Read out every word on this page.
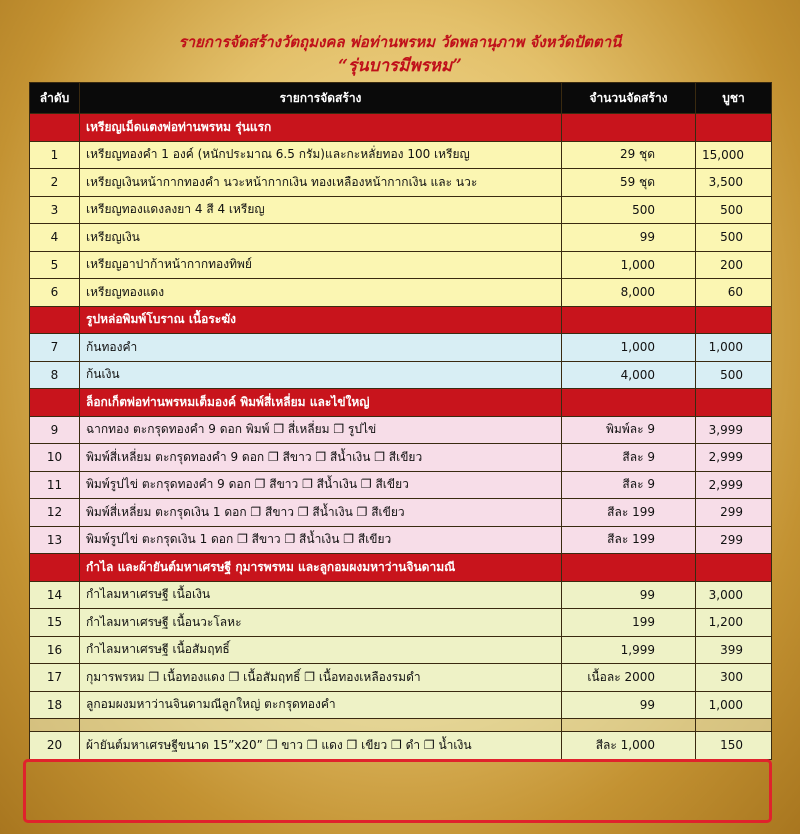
รายการจัดสร้างวัตถุมงคล พ่อท่านพรหม วัดพลานุภาพ จังหวัดปัตตานี
“รุ่นบารมีพรหม”
ลำดับ	รายการจัดสร้าง	จำนวนจัดสร้าง	บูชา
	เหรียญเม็ดแตงพ่อท่านพรหม รุ่นแรก		
1	เหรียญทองคำ 1 องค์ (หนักประมาณ 6.5 กรัม)และกะหลั่ยทอง 100 เหรียญ	29 ชุด	15,000
2	เหรียญเงินหน้ากากทองคำ นวะหน้ากากเงิน ทองเหลืองหน้ากากเงิน และ นวะ	59 ชุด	3,500
3	เหรียญทองแดงลงยา 4 สี 4 เหรียญ	500	500
4	เหรียญเงิน	99	500
5	เหรียญอาปาก้าหน้ากากทองทิพย์	1,000	200
6	เหรียญทองแดง	8,000	60
	รูปหล่อพิมพ์โบราณ เนื้อระฆัง		
7	ก้นทองคำ	1,000	1,000
8	ก้นเงิน	4,000	500
	ล็อกเก็ตพ่อท่านพรหมเต็มองค์ พิมพ์สี่เหลี่ยม และไข่ใหญ่		
9	ฉากทอง ตะกรุดทองคำ 9 ดอก พิมพ์ ❐ สี่เหลี่ยม ❐ รูปไข่	พิมพ์ละ 9	3,999
10	พิมพ์สี่เหลี่ยม ตะกรุดทองคำ 9 ดอก ❐ สีขาว ❐ สีน้ำเงิน ❐ สีเขียว	สีละ 9	2,999
11	พิมพ์รูปไข่ ตะกรุดทองคำ 9 ดอก ❐ สีขาว ❐ สีน้ำเงิน ❐ สีเขียว	สีละ 9	2,999
12	พิมพ์สี่เหลี่ยม ตะกรุดเงิน 1 ดอก ❐ สีขาว ❐ สีน้ำเงิน ❐ สีเขียว	สีละ 199	299
13	พิมพ์รูปไข่ ตะกรุดเงิน 1 ดอก ❐ สีขาว ❐ สีน้ำเงิน ❐ สีเขียว	สีละ 199	299
	กำไล และผ้ายันต์มหาเศรษฐี กุมารพรหม และลูกอมผงมหาว่านจินดามณี		
14	กำไลมหาเศรษฐี เนื้อเงิน	99	3,000
15	กำไลมหาเศรษฐี เนื้อนวะโลหะ	199	1,200
16	กำไลมหาเศรษฐี เนื้อสัมฤทธิ์	1,999	399
17	กุมารพรหม ❐ เนื้อทองแดง ❐ เนื้อสัมฤทธิ์ ❐ เนื้อทองเหลืองรมดำ	เนื้อละ 2000	300
18	ลูกอมผงมหาว่านจินดามณีลูกใหญ่ ตะกรุดทองคำ	99	1,000

20	ผ้ายันต์มหาเศรษฐีขนาด 15”x20” ❐ ขาว ❐ แดง ❐ เขียว ❐ ดำ ❐ น้ำเงิน	สีละ 1,000	150
